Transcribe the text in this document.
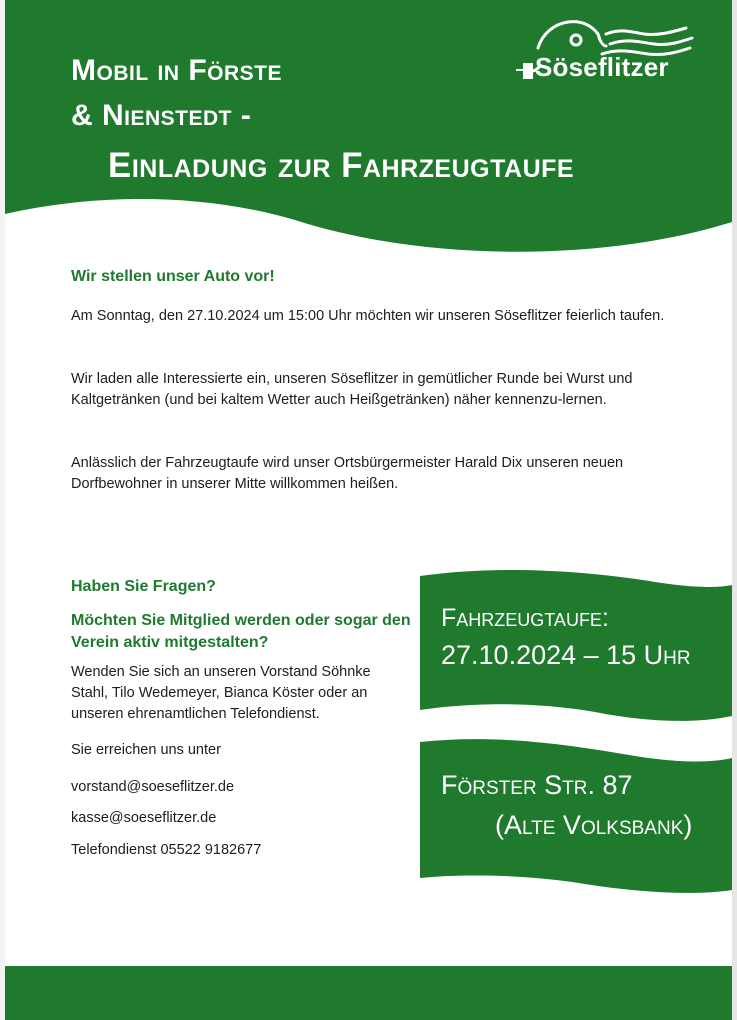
Mobil in Förste
& Nienstedt -
Einladung zur Fahrzeugtaufe
Söseflitzer
Wir stellen unser Auto vor!

Am Sonntag, den 27.10.2024 um 15:00 Uhr möchten wir unseren Söseflitzer feierlich taufen.

Wir laden alle Interessierte ein, unseren Söseflitzer in gemütlicher Runde bei Wurst und Kaltgetränken (und bei kaltem Wetter auch Heißgetränken) näher kennenzu-lernen.

Anlässlich der Fahrzeugtaufe wird unser Ortsbürgermeister Harald Dix unseren neuen Dorfbewohner in unserer Mitte willkommen heißen.

Haben Sie Fragen?
Möchten Sie Mitglied werden oder sogar den Verein aktiv mitgestalten?
Wenden Sie sich an unseren Vorstand Söhnke Stahl, Tilo Wedemeyer, Bianca Köster oder an unseren ehrenamtlichen Telefondienst.
Sie erreichen uns unter

vorstand@soeseflitzer.de

kasse@soeseflitzer.de

Telefondienst 05522 9182677

Fahrzeugtaufe:

27.10.2024 – 15 Uhr

Förster Str. 87

(Alte Volksbank)
